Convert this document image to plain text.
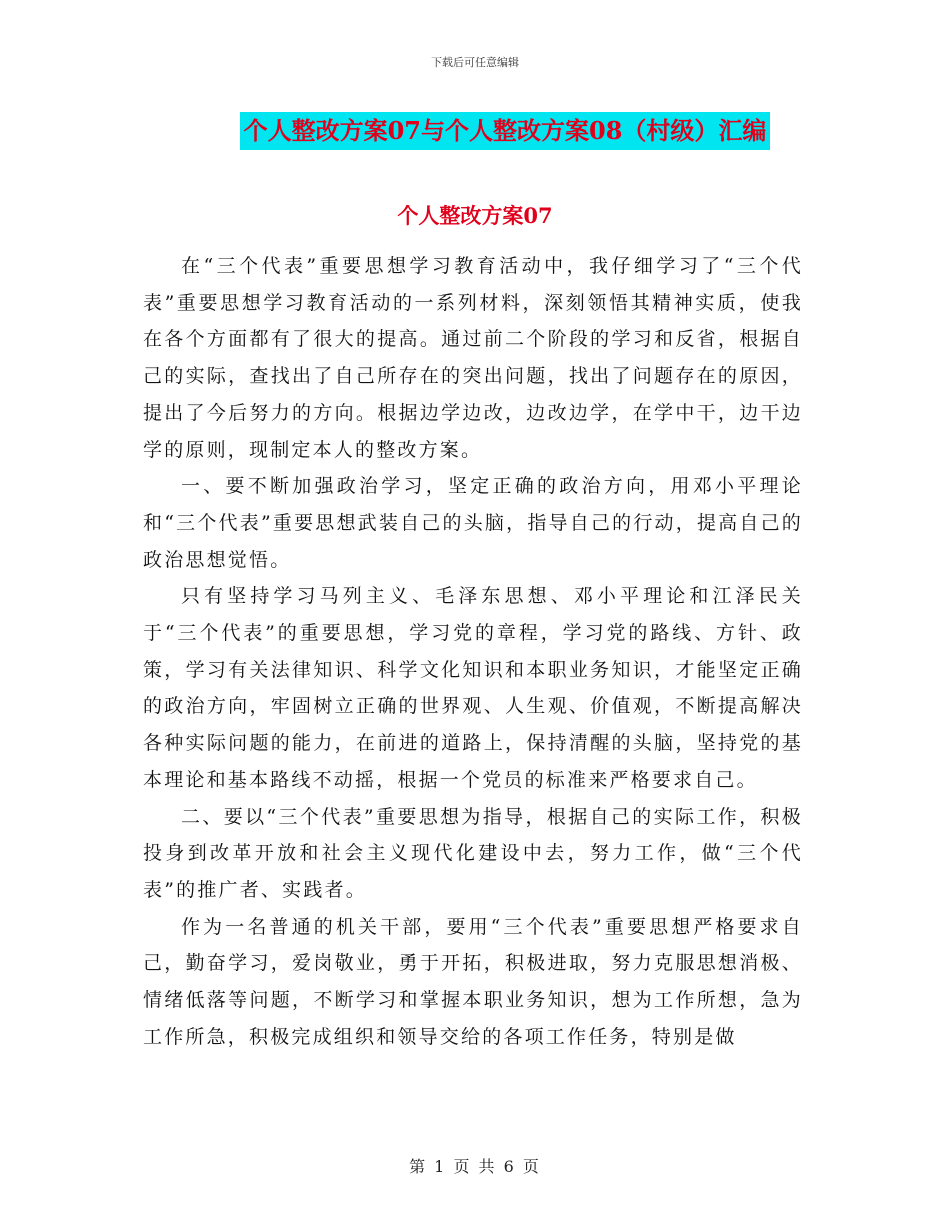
下载后可任意编辑
个人整改方案07与个人整改方案08（村级）汇编
个人整改方案07

在“三个代表”重要思想学习教育活动中，我仔细学习了“三个代表”重要思想学习教育活动的一系列材料，深刻领悟其精神实质，使我在各个方面都有了很大的提高。通过前二个阶段的学习和反省，根据自己的实际，查找出了自己所存在的突出问题，找出了问题存在的原因，提出了今后努力的方向。根据边学边改，边改边学，在学中干，边干边学的原则，现制定本人的整改方案。

一、要不断加强政治学习，坚定正确的政治方向，用邓小平理论和“三个代表”重要思想武装自己的头脑，指导自己的行动，提高自己的政治思想觉悟。

只有坚持学习马列主义、毛泽东思想、邓小平理论和江泽民关于“三个代表”的重要思想，学习党的章程，学习党的路线、方针、政策，学习有关法律知识、科学文化知识和本职业务知识，才能坚定正确的政治方向，牢固树立正确的世界观、人生观、价值观，不断提高解决各种实际问题的能力，在前进的道路上，保持清醒的头脑，坚持党的基本理论和基本路线不动摇，根据一个党员的标准来严格要求自己。

二、要以“三个代表”重要思想为指导，根据自己的实际工作，积极投身到改革开放和社会主义现代化建设中去，努力工作，做“三个代表”的推广者、实践者。

作为一名普通的机关干部，要用“三个代表”重要思想严格要求自己，勤奋学习，爱岗敬业，勇于开拓，积极进取，努力克服思想消极、情绪低落等问题，不断学习和掌握本职业务知识，想为工作所想，急为工作所急，积极完成组织和领导交给的各项工作任务，特别是做

第 1 页 共 6 页
